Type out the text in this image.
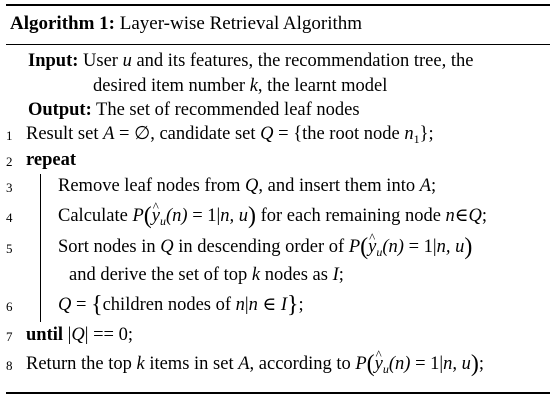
Algorithm 1: Layer-wise Retrieval Algorithm
Input: User u and its features, the recommendation tree, the
desired item number k, the learnt model
Output: The set of recommended leaf nodes
1 Result set A = ∅, candidate set Q = {the root node $n_1$};
2 repeat
3	Remove leaf nodes from Q, and insert them into A;
4	Calculate P(^ $y_u(n) = 1|n$, u) for each remaining node n∈Q;
5	Sort nodes in Q in descending order of P(^ $y_u(n) = 1|n$, u)
and derive the set of top k nodes as I;
6	Q = {children nodes of n|n ∈ I};
7 until |Q| == 0;
8 Return the top k items in set A, according to P(^ $y_u(n) = 1|n$, u);
